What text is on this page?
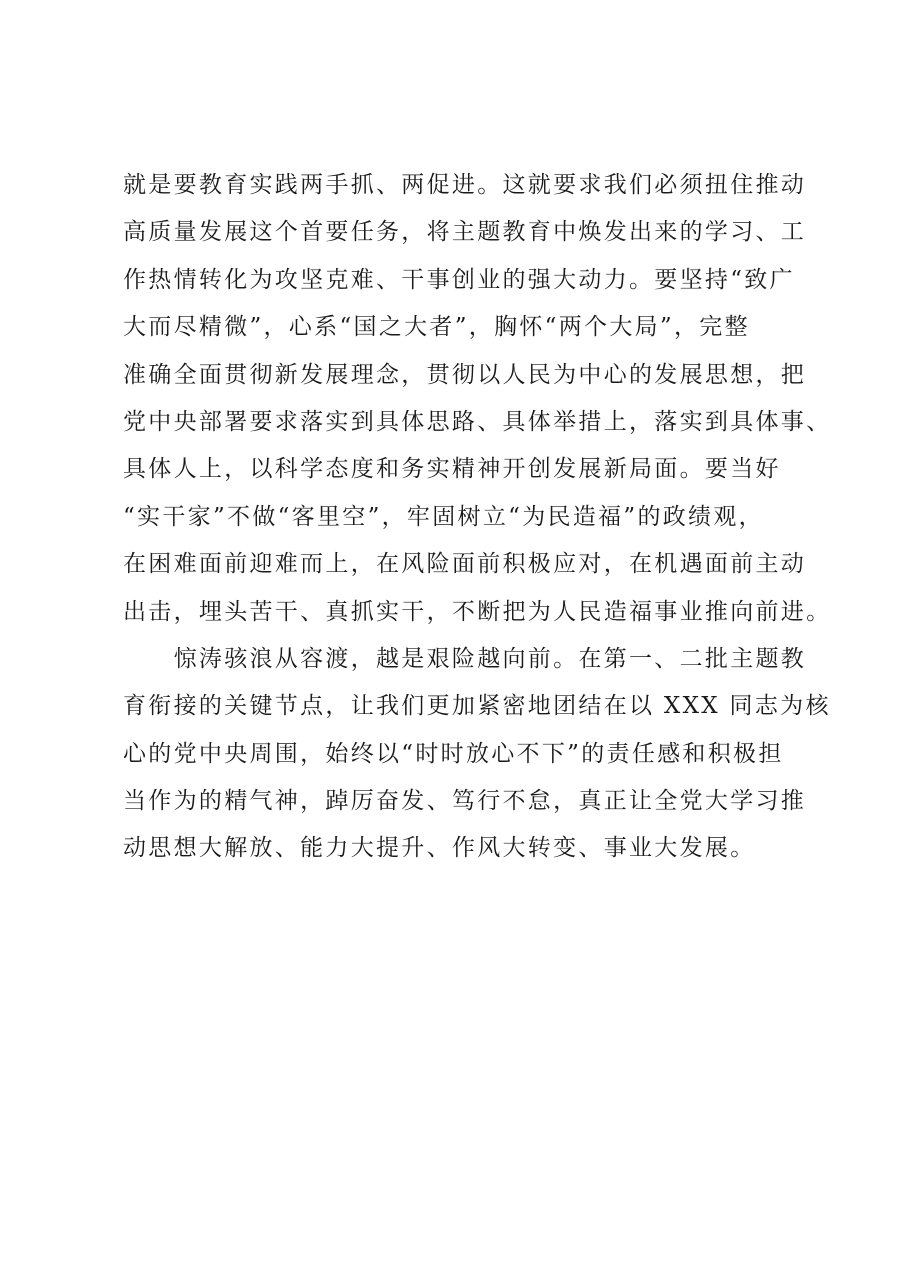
就是要教育实践两手抓、两促进。这就要求我们必须扭住推动
高质量发展这个首要任务，将主题教育中焕发出来的学习、工
作热情转化为攻坚克难、干事创业的强大动力。要坚持“致广
大而尽精微”，心系“国之大者”，胸怀“两个大局”，完整
准确全面贯彻新发展理念，贯彻以人民为中心的发展思想，把
党中央部署要求落实到具体思路、具体举措上，落实到具体事、
具体人上，以科学态度和务实精神开创发展新局面。要当好
“实干家”不做“客里空”，牢固树立“为民造福”的政绩观，
在困难面前迎难而上，在风险面前积极应对，在机遇面前主动
出击，埋头苦干、真抓实干，不断把为人民造福事业推向前进。
　　惊涛骇浪从容渡，越是艰险越向前。在第一、二批主题教
育衔接的关键节点，让我们更加紧密地团结在以 XXX 同志为核
心的党中央周围，始终以“时时放心不下”的责任感和积极担
当作为的精气神，踔厉奋发、笃行不怠，真正让全党大学习推
动思想大解放、能力大提升、作风大转变、事业大发展。
